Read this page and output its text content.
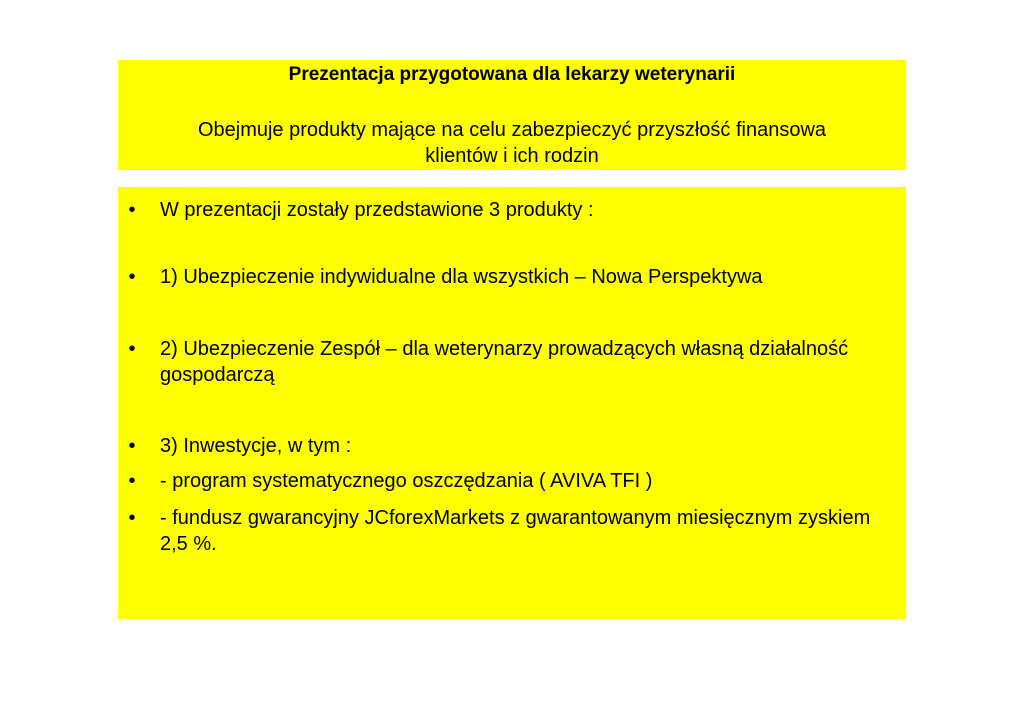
Prezentacja przygotowana dla lekarzy weterynarii
Obejmuje produkty mające na celu zabezpieczyć przyszłość finansowa klientów i ich rodzin
• W prezentacji zostały przedstawione 3 produkty :
• 1) Ubezpieczenie indywidualne dla wszystkich – Nowa Perspektywa
• 2) Ubezpieczenie Zespół – dla weterynarzy prowadzących własną działalność gospodarczą
• 3) Inwestycje, w tym :
• - program systematycznego oszczędzania ( AVIVA TFI )
• - fundusz gwarancyjny JCforexMarkets z gwarantowanym miesięcznym zyskiem 2,5 %.
